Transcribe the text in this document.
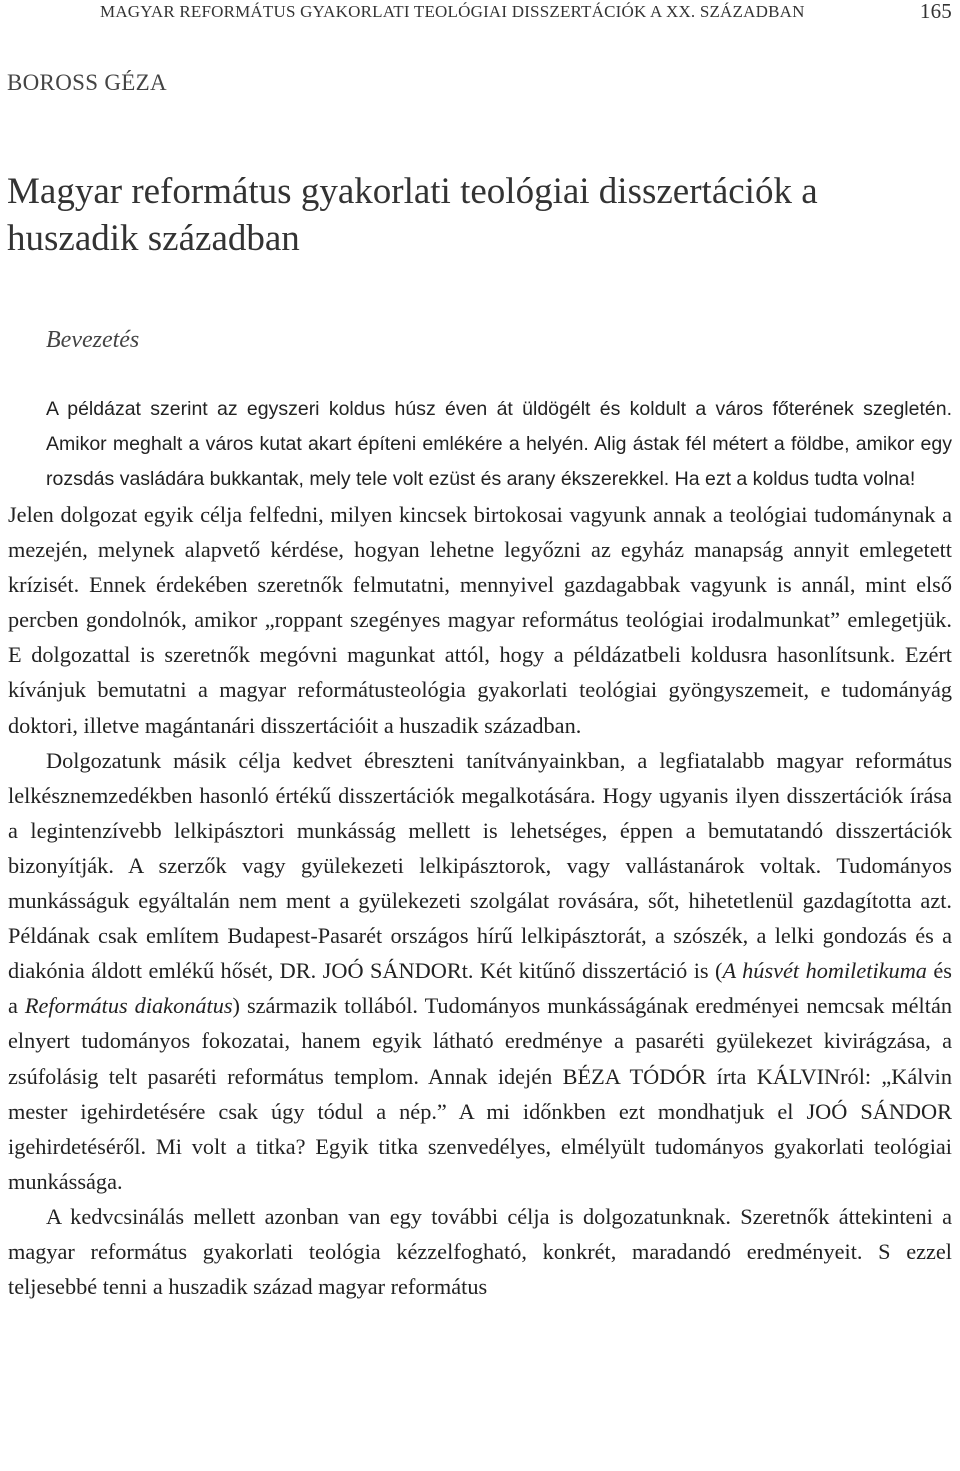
MAGYAR REFORMÁTUS GYAKORLATI TEOLÓGIAI DISSZERTÁCIÓK A XX. SZÁZADBAN	165
BOROSS GÉZA
Magyar református gyakorlati teológiai disszertációk a huszadik században
Bevezetés

A példázat szerint az egyszeri koldus húsz éven át üldögélt és koldult a város főterének szegletén. Amikor meghalt a város kutat akart építeni emlékére a helyén. Alig ástak fél métert a földbe, amikor egy rozsdás vasládára bukkantak, mely tele volt ezüst és arany ékszerekkel. Ha ezt a koldus tudta volna!

Jelen dolgozat egyik célja felfedni, milyen kincsek birtokosai vagyunk annak a teológiai tudománynak a mezején, melynek alapvető kérdése, hogyan lehetne legyőzni az egyház manapság annyit emlegetett krízisét. Ennek érdekében szeretnők felmutatni, mennyivel gazdagabbak vagyunk is annál, mint első percben gondolnók, amikor „roppant szegényes magyar református teológiai irodalmunkat” emlegetjük. E dolgozattal is szeretnők megóvni magunkat attól, hogy a példázatbeli koldusra hasonlítsunk. Ezért kívánjuk bemutatni a magyar reformátusteológia gyakorlati teológiai gyöngyszemeit, e tudományág doktori, illetve magántanári disszertációit a huszadik században.

Dolgozatunk másik célja kedvet ébreszteni tanítványainkban, a legfiatalabb magyar református lelkésznemzedékben hasonló értékű disszertációk megalkotására. Hogy ugyanis ilyen disszertációk írása a legintenzívebb lelkipásztori munkásság mellett is lehetséges, éppen a bemutatandó disszertációk bizonyítják. A szerzők vagy gyülekezeti lelkipásztorok, vagy vallástanárok voltak. Tudományos munkásságuk egyáltalán nem ment a gyülekezeti szolgálat rovására, sőt, hihetetlenül gazdagította azt. Példának csak említem Budapest-Pasarét országos hírű lelkipásztorát, a szószék, a lelki gondozás és a diakónia áldott emlékű hősét, DR. JOÓ SÁNDORt. Két kitűnő disszertáció is (A húsvét homiletikuma és a Református diakonátus) származik tollából. Tudományos munkásságának eredményei nemcsak méltán elnyert tudományos fokozatai, hanem egyik látható eredménye a pasaréti gyülekezet kivirágzása, a zsúfolásig telt pasaréti református templom. Annak idején BÉZA TÓDÓR írta KÁLVINról: „Kálvin mester igehirdetésére csak úgy tódul a nép.” A mi időnkben ezt mondhatjuk el JOÓ SÁNDOR igehirdetéséről. Mi volt a titka? Egyik titka szenvedélyes, elmélyült tudományos gyakorlati teológiai munkássága.

A kedvcsinálás mellett azonban van egy további célja is dolgozatunknak. Szeretnők áttekinteni a magyar református gyakorlati teológia kézzelfogható, konkrét, maradandó eredményeit. S ezzel teljesebbé tenni a huszadik század magyar református
